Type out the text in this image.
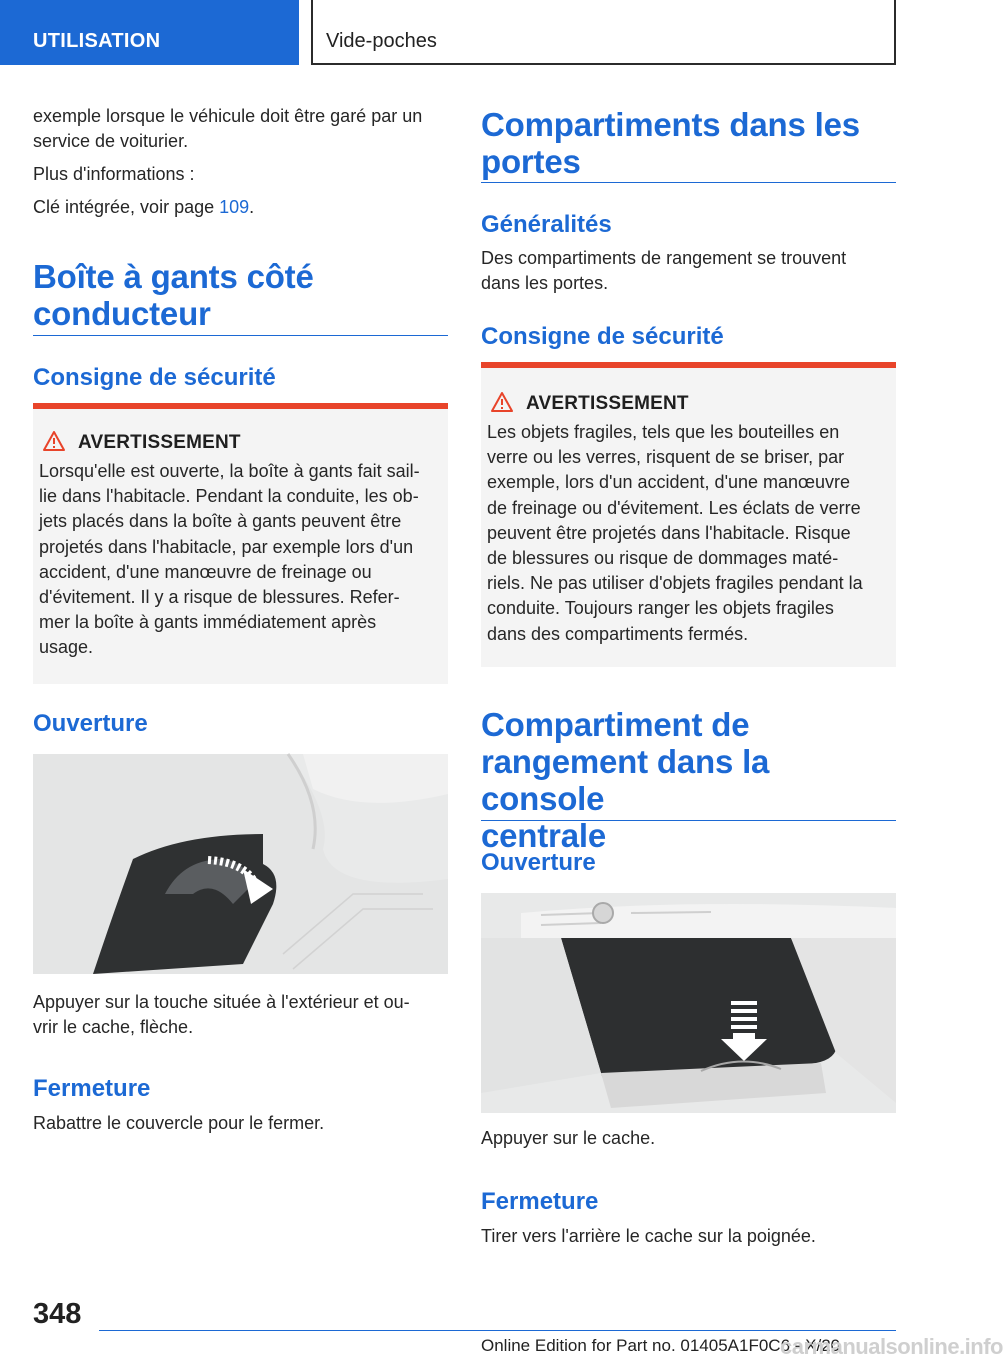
UTILISATION	Vide-poches
exemple lorsque le véhicule doit être garé par un
service de voiturier.
Plus d'informations :
Clé intégrée, voir page 109.
Boîte à gants côté
conducteur
Consigne de sécurité
AVERTISSEMENT
Lorsqu'elle est ouverte, la boîte à gants fait sail-
lie dans l'habitacle. Pendant la conduite, les ob-
jets placés dans la boîte à gants peuvent être
projetés dans l'habitacle, par exemple lors d'un
accident, d'une manœuvre de freinage ou
d'évitement. Il y a risque de blessures. Refer-
mer la boîte à gants immédiatement après
usage.
Ouverture
Appuyer sur la touche située à l'extérieur et ou-
vrir le cache, flèche.
Fermeture
Rabattre le couvercle pour le fermer.
Compartiments dans les
portes
Généralités
Des compartiments de rangement se trouvent
dans les portes.
Consigne de sécurité
AVERTISSEMENT
Les objets fragiles, tels que les bouteilles en
verre ou les verres, risquent de se briser, par
exemple, lors d'un accident, d'une manœuvre
de freinage ou d'évitement. Les éclats de verre
peuvent être projetés dans l'habitacle. Risque
de blessures ou risque de dommages maté-
riels. Ne pas utiliser d'objets fragiles pendant la
conduite. Toujours ranger les objets fragiles
dans des compartiments fermés.
Compartiment de
rangement dans la console
centrale
Ouverture
Appuyer sur le cache.
Fermeture
Tirer vers l'arrière le cache sur la poignée.
348
Online Edition for Part no. 01405A1F0C6 - X/20
carmanualsonline.info
